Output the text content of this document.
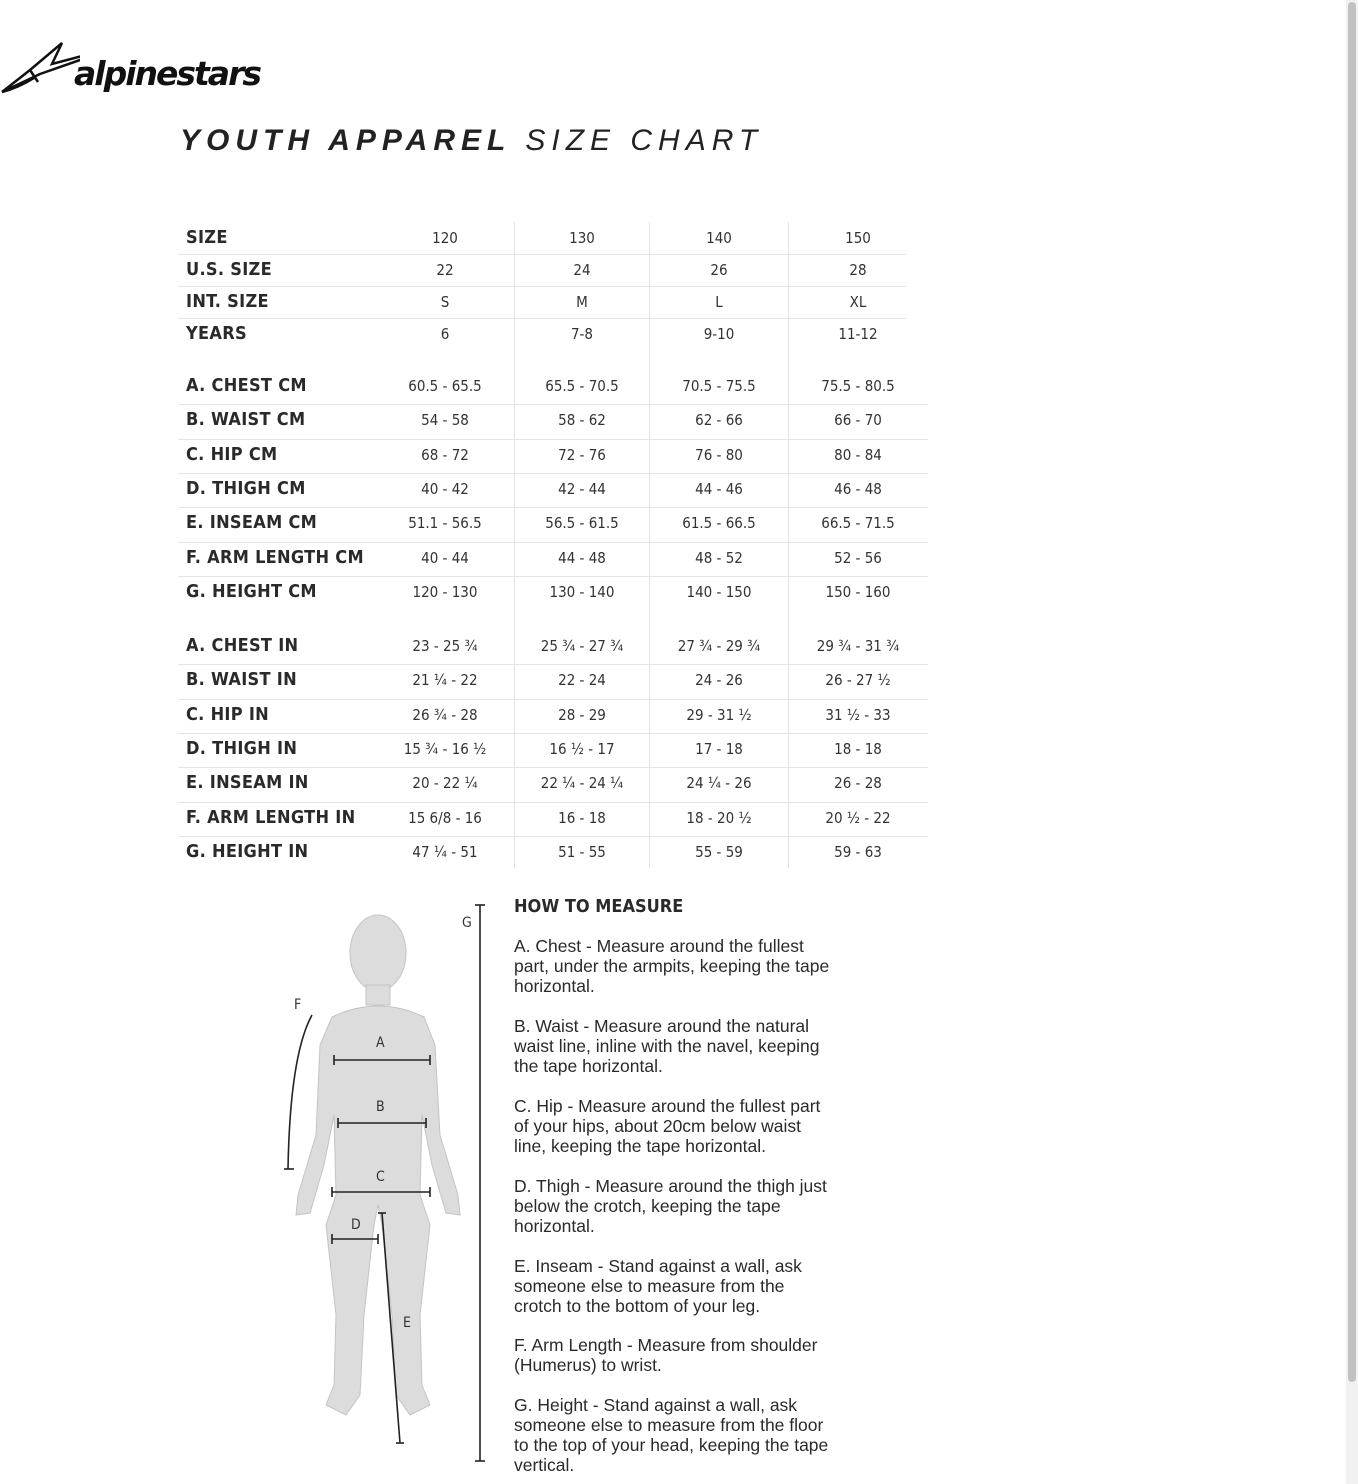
alpinestars
YOUTH APPAREL SIZE CHART
SIZE	120	130	140	150
U.S. SIZE	22	24	26	28
INT. SIZE	S	M	L	XL
YEARS	6	7-8	9-10	11-12
A. CHEST CM	60.5 - 65.5	65.5 - 70.5	70.5 - 75.5	75.5 - 80.5
B. WAIST CM	54 - 58	58 - 62	62 - 66	66 - 70
C. HIP CM	68 - 72	72 - 76	76 - 80	80 - 84
D. THIGH CM	40 - 42	42 - 44	44 - 46	46 - 48
E. INSEAM CM	51.1 - 56.5	56.5 - 61.5	61.5 - 66.5	66.5 - 71.5
F. ARM LENGTH CM	40 - 44	44 - 48	48 - 52	52 - 56
G. HEIGHT CM	120 - 130	130 - 140	140 - 150	150 - 160
A. CHEST IN	23 - 25 ¾	25 ¾ - 27 ¾	27 ¾ - 29 ¾	29 ¾ - 31 ¾
B. WAIST IN	21 ¼ - 22	22 - 24	24 - 26	26 - 27 ½
C. HIP IN	26 ¾ - 28	28 - 29	29 - 31 ½	31 ½ - 33
D. THIGH IN	15 ¾ - 16 ½	16 ½ - 17	17 - 18	18 - 18
E. INSEAM IN	20 - 22 ¼	22 ¼ - 24 ¼	24 ¼ - 26	26 - 28
F. ARM LENGTH IN	15 6/8 - 16	16 - 18	18 - 20 ½	20 ½ - 22
G. HEIGHT IN	47 ¼ - 51	51 - 55	55 - 59	59 - 63
A
B
C
D
E
F
G
HOW TO MEASURE
A. Chest - Measure around the fullest part, under the armpits, keeping the tape horizontal.
B. Waist - Measure around the natural waist line, inline with the navel, keeping the tape horizontal.
C. Hip - Measure around the fullest part of your hips, about 20cm below waist line, keeping the tape horizontal.
D. Thigh - Measure around the thigh just below the crotch, keeping the tape horizontal.
E. Inseam - Stand against a wall, ask someone else to measure from the crotch to the bottom of your leg.
F. Arm Length - Measure from shoulder (Humerus) to wrist.
G. Height - Stand against a wall, ask someone else to measure from the floor to the top of your head, keeping the tape vertical.
